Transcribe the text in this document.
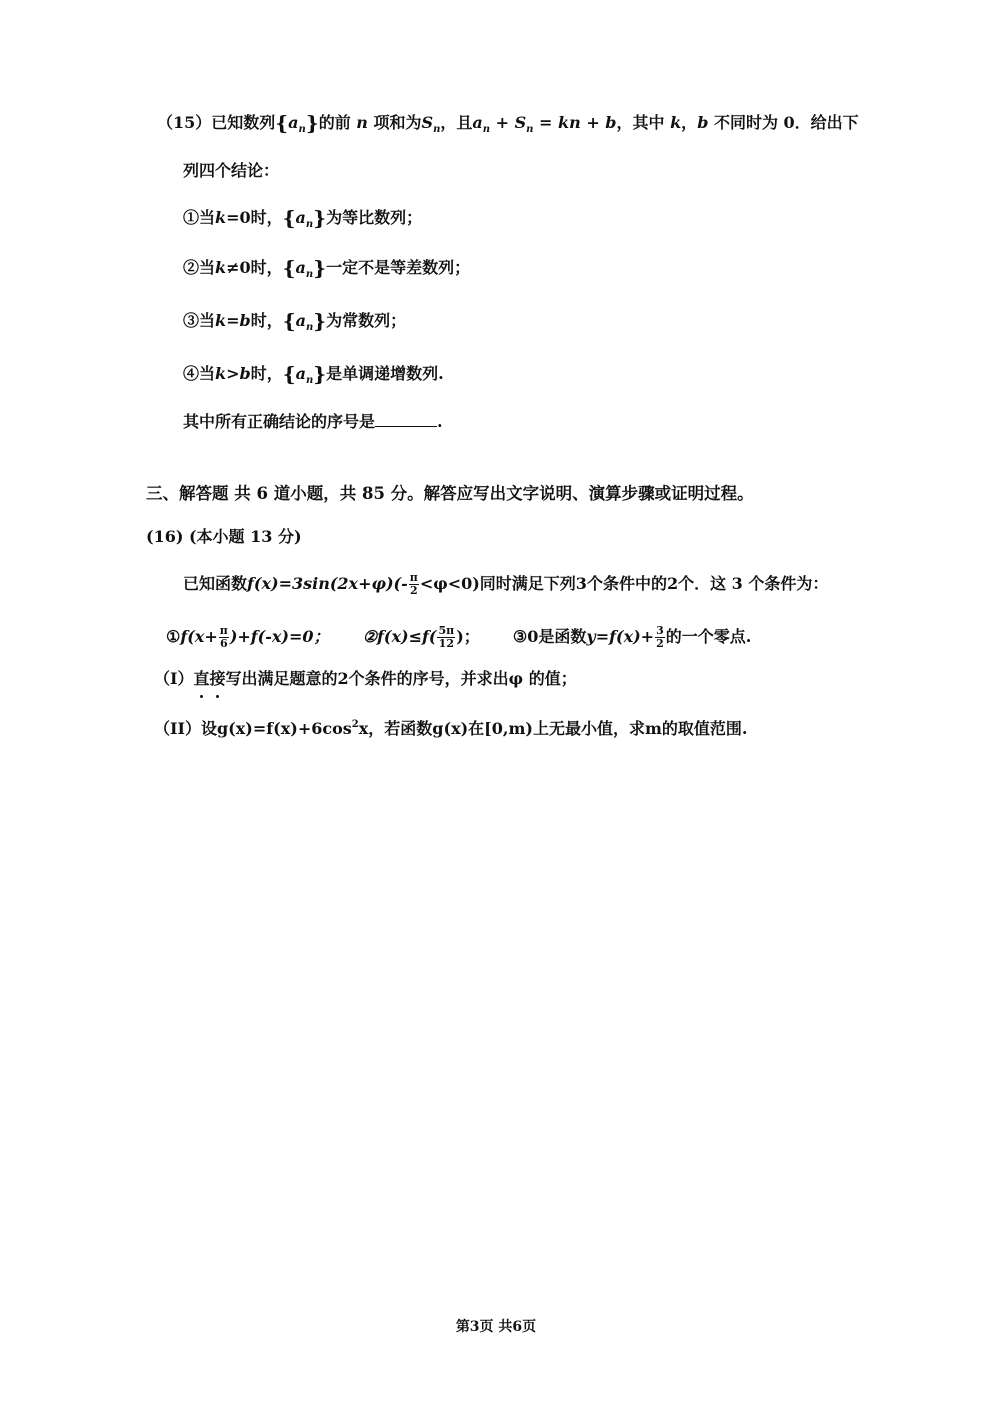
（15）已知数列$\{a_n\}$的前 n 项和为$S_n$，且$a_n + S_n$ = kn + b，其中 k，b 不同时为 0．给出下
列四个结论：
①当k=0时，$\{a_n\}$为等比数列；
②当k≠0时，$\{a_n\}$一定不是等差数列；
③当k=b时，$\{a_n\}$为常数列；
④当k>b时，$\{a_n\}$是单调递增数列.
其中所有正确结论的序号是	.
三、解答题 共 6 道小题，共 85 分。解答应写出文字说明、演算步骤或证明过程。
(16) (本小题 13 分)
已知函数$f(x)=3\sin(2x+\varphi)(- \frac{\pi}{2} <\varphi<0)$同时满足下列3个条件中的2个．这 3 个条件为：
①f(x+ $\frac{\pi}{6} )+f(-x)=0$； ②f(x)≤f( $\frac{5\pi}{12}$ )； ③0是函数$y=f(x)+ \frac{3}{2}$ 的一个零点.
（I）直接写出满足题意的2个条件的序号，并求出φ 的值；
（II）设$g(x)=f(x)+6\cos^2x$，若函数g(x)在[0,m)上无最小值，求m的取值范围.
第3页 共6页
